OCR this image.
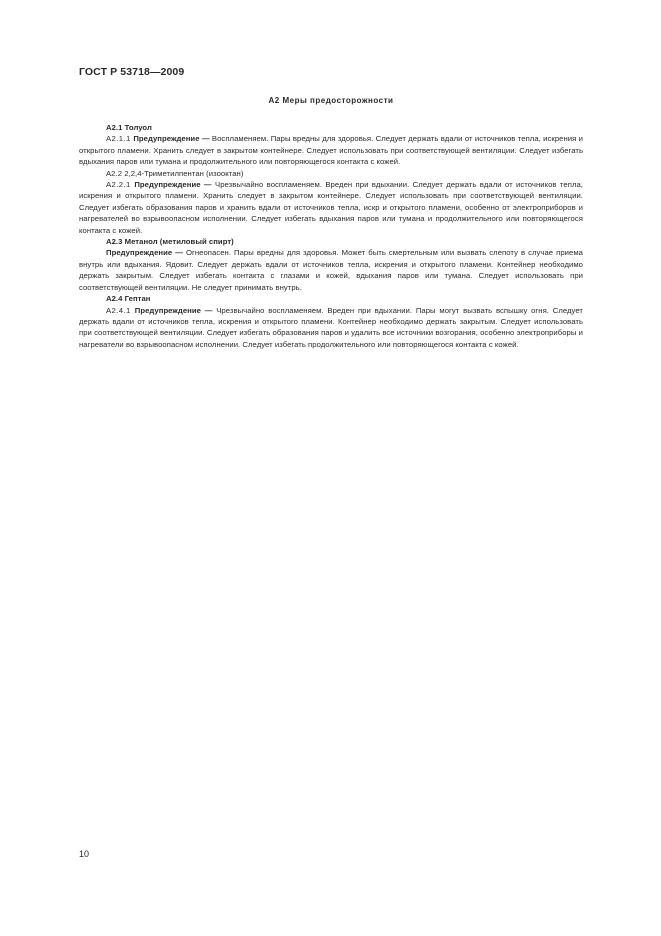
ГОСТ Р 53718—2009
А2 Меры предосторожности

А2.1 Толуол

А2.1.1 Предупреждение — Воспламеняем. Пары вредны для здоровья. Следует держать вдали от источников тепла, искрения и открытого пламени. Хранить следует в закрытом контейнере. Следует использовать при соответствующей вентиляции. Следует избегать вдыхания паров или тумана и продолжительного или повторяющегося контакта с кожей.

А2.2 2,2,4-Триметилпентан (изооктан)

А2.2.1 Предупреждение — Чрезвычайно воспламеняем. Вреден при вдыхании. Следует держать вдали от источников тепла, искрения и открытого пламени. Хранить следует в закрытом контейнере. Следует использовать при соответствующей вентиляции. Следует избегать образования паров и хранить вдали от источников тепла, искр и открытого пламени, особенно от электроприборов и нагревателей во взрывоопасном исполнении. Следует избегать вдыхания паров или тумана и продолжительного или повторяющегося контакта с кожей.

А2.3 Метанол (метиловый спирт)

Предупреждение — Огнеопасен. Пары вредны для здоровья. Может быть смертельным или вызвать слепоту в случае приема внутрь или вдыхания. Ядовит. Следует держать вдали от источников тепла, искрения и открытого пламени. Контейнер необходимо держать закрытым. Следует избегать контакта с глазами и кожей, вдыхания паров или тумана. Следует использовать при соответствующей вентиляции. Не следует принимать внутрь.

А2.4 Гептан

А2.4.1 Предупреждение — Чрезвычайно воспламеняем. Вреден при вдыхании. Пары могут вызвать вспышку огня. Следует держать вдали от источников тепла, искрения и открытого пламени. Контейнер необходимо держать закрытым. Следует использовать при соответствующей вентиляции. Следует избегать образования паров и удалить все источники возгорания, особенно электроприборы и нагреватели во взрывоопасном исполнении. Следует избегать продолжительного или повторяющегося контакта с кожей.

10
